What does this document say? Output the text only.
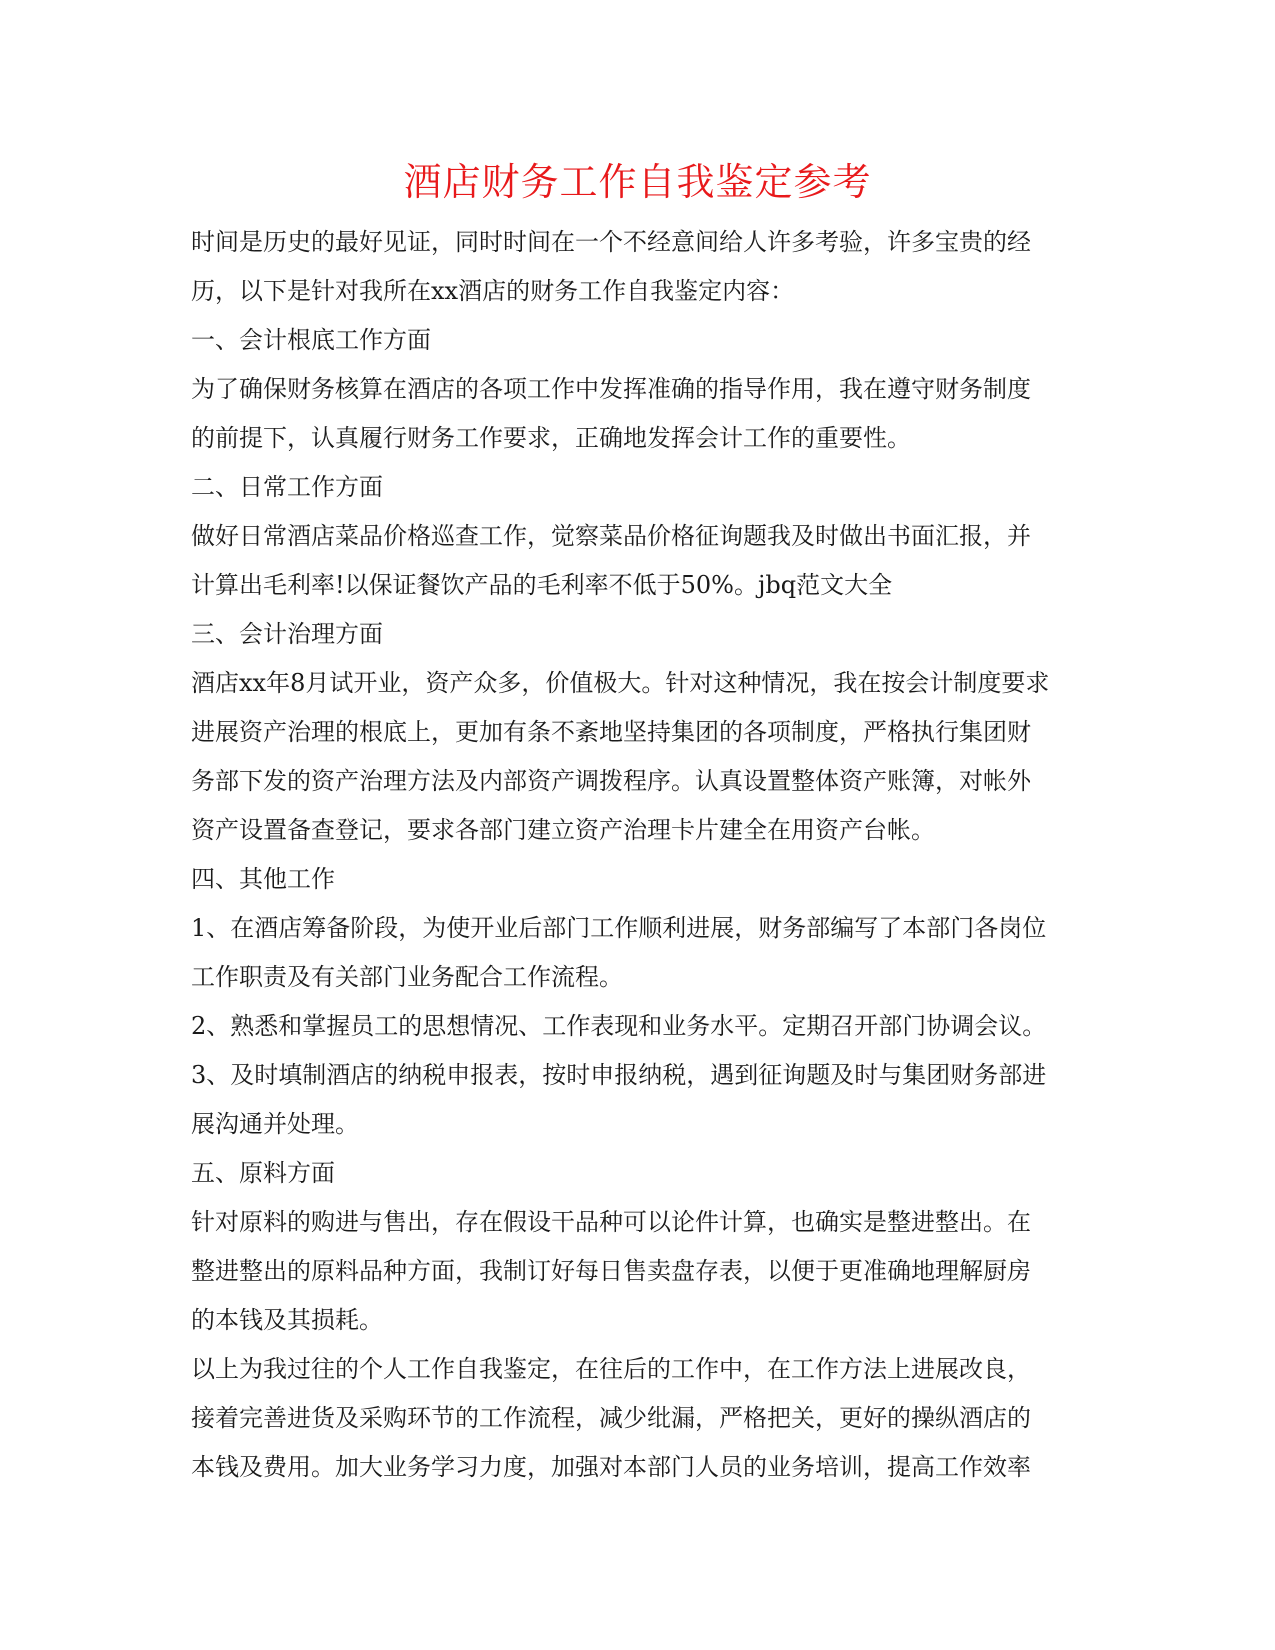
酒店财务工作自我鉴定参考

时间是历史的最好见证，同时时间在一个不经意间给人许多考验，许多宝贵的经

历，以下是针对我所在xx酒店的财务工作自我鉴定内容：

一、会计根底工作方面

为了确保财务核算在酒店的各项工作中发挥准确的指导作用，我在遵守财务制度

的前提下，认真履行财务工作要求，正确地发挥会计工作的重要性。

二、日常工作方面

做好日常酒店菜品价格巡查工作，觉察菜品价格征询题我及时做出书面汇报，并

计算出毛利率!以保证餐饮产品的毛利率不低于50%。jbq范文大全

三、会计治理方面

酒店xx年8月试开业，资产众多，价值极大。针对这种情况，我在按会计制度要求

进展资产治理的根底上，更加有条不紊地坚持集团的各项制度，严格执行集团财

务部下发的资产治理方法及内部资产调拨程序。认真设置整体资产账簿，对帐外

资产设置备查登记，要求各部门建立资产治理卡片建全在用资产台帐。

四、其他工作

1、在酒店筹备阶段，为使开业后部门工作顺利进展，财务部编写了本部门各岗位

工作职责及有关部门业务配合工作流程。

2、熟悉和掌握员工的思想情况、工作表现和业务水平。定期召开部门协调会议。

3、及时填制酒店的纳税申报表，按时申报纳税，遇到征询题及时与集团财务部进

展沟通并处理。

五、原料方面

针对原料的购进与售出，存在假设干品种可以论件计算，也确实是整进整出。在

整进整出的原料品种方面，我制订好每日售卖盘存表，以便于更准确地理解厨房

的本钱及其损耗。

以上为我过往的个人工作自我鉴定，在往后的工作中，在工作方法上进展改良，

接着完善进货及采购环节的工作流程，减少纰漏，严格把关，更好的操纵酒店的

本钱及费用。加大业务学习力度，加强对本部门人员的业务培训，提高工作效率
